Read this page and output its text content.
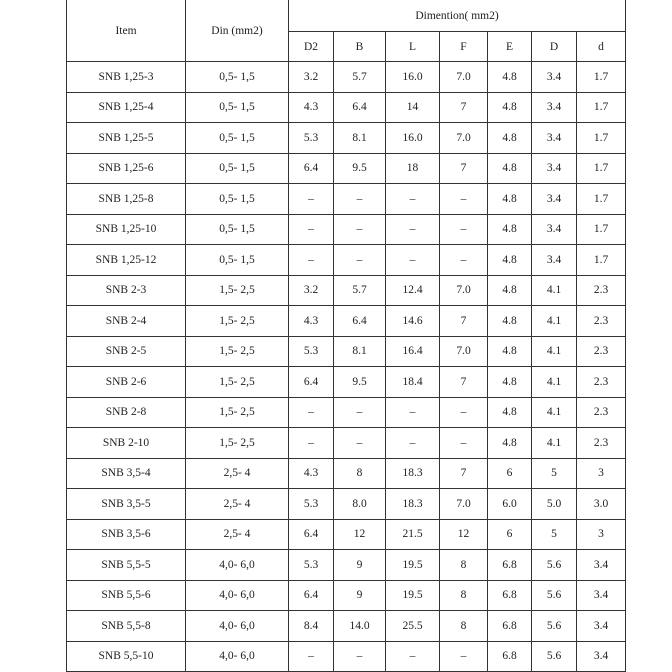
Item	Din (mm2)	Dimention( mm2)						
		D2	B	L	F	E	D	d
SNB 1,25-3	0,5- 1,5	3.2	5.7	16.0	7.0	4.8	3.4	1.7
SNB 1,25-4	0,5- 1,5	4.3	6.4	14	7	4.8	3.4	1.7
SNB 1,25-5	0,5- 1,5	5.3	8.1	16.0	7.0	4.8	3.4	1.7
SNB 1,25-6	0,5- 1,5	6.4	9.5	18	7	4.8	3.4	1.7
SNB 1,25-8	0,5- 1,5	–	–	–	–	4.8	3.4	1.7
SNB 1,25-10	0,5- 1,5	–	–	–	–	4.8	3.4	1.7
SNB 1,25-12	0,5- 1,5	–	–	–	–	4.8	3.4	1.7
SNB 2-3	1,5- 2,5	3.2	5.7	12.4	7.0	4.8	4.1	2.3
SNB 2-4	1,5- 2,5	4.3	6.4	14.6	7	4.8	4.1	2.3
SNB 2-5	1,5- 2,5	5.3	8.1	16.4	7.0	4.8	4.1	2.3
SNB 2-6	1,5- 2,5	6.4	9.5	18.4	7	4.8	4.1	2.3
SNB 2-8	1,5- 2,5	–	–	–	–	4.8	4.1	2.3
SNB 2-10	1,5- 2,5	–	–	–	–	4.8	4.1	2.3
SNB 3,5-4	2,5- 4	4.3	8	18.3	7	6	5	3
SNB 3,5-5	2,5- 4	5.3	8.0	18.3	7.0	6.0	5.0	3.0
SNB 3,5-6	2,5- 4	6.4	12	21.5	12	6	5	3
SNB 5,5-5	4,0- 6,0	5.3	9	19.5	8	6.8	5.6	3.4
SNB 5,5-6	4,0- 6,0	6.4	9	19.5	8	6.8	5.6	3.4
SNB 5,5-8	4,0- 6,0	8.4	14.0	25.5	8	6.8	5.6	3.4
SNB 5,5-10	4,0- 6,0	–	–	–	–	6.8	5.6	3.4
